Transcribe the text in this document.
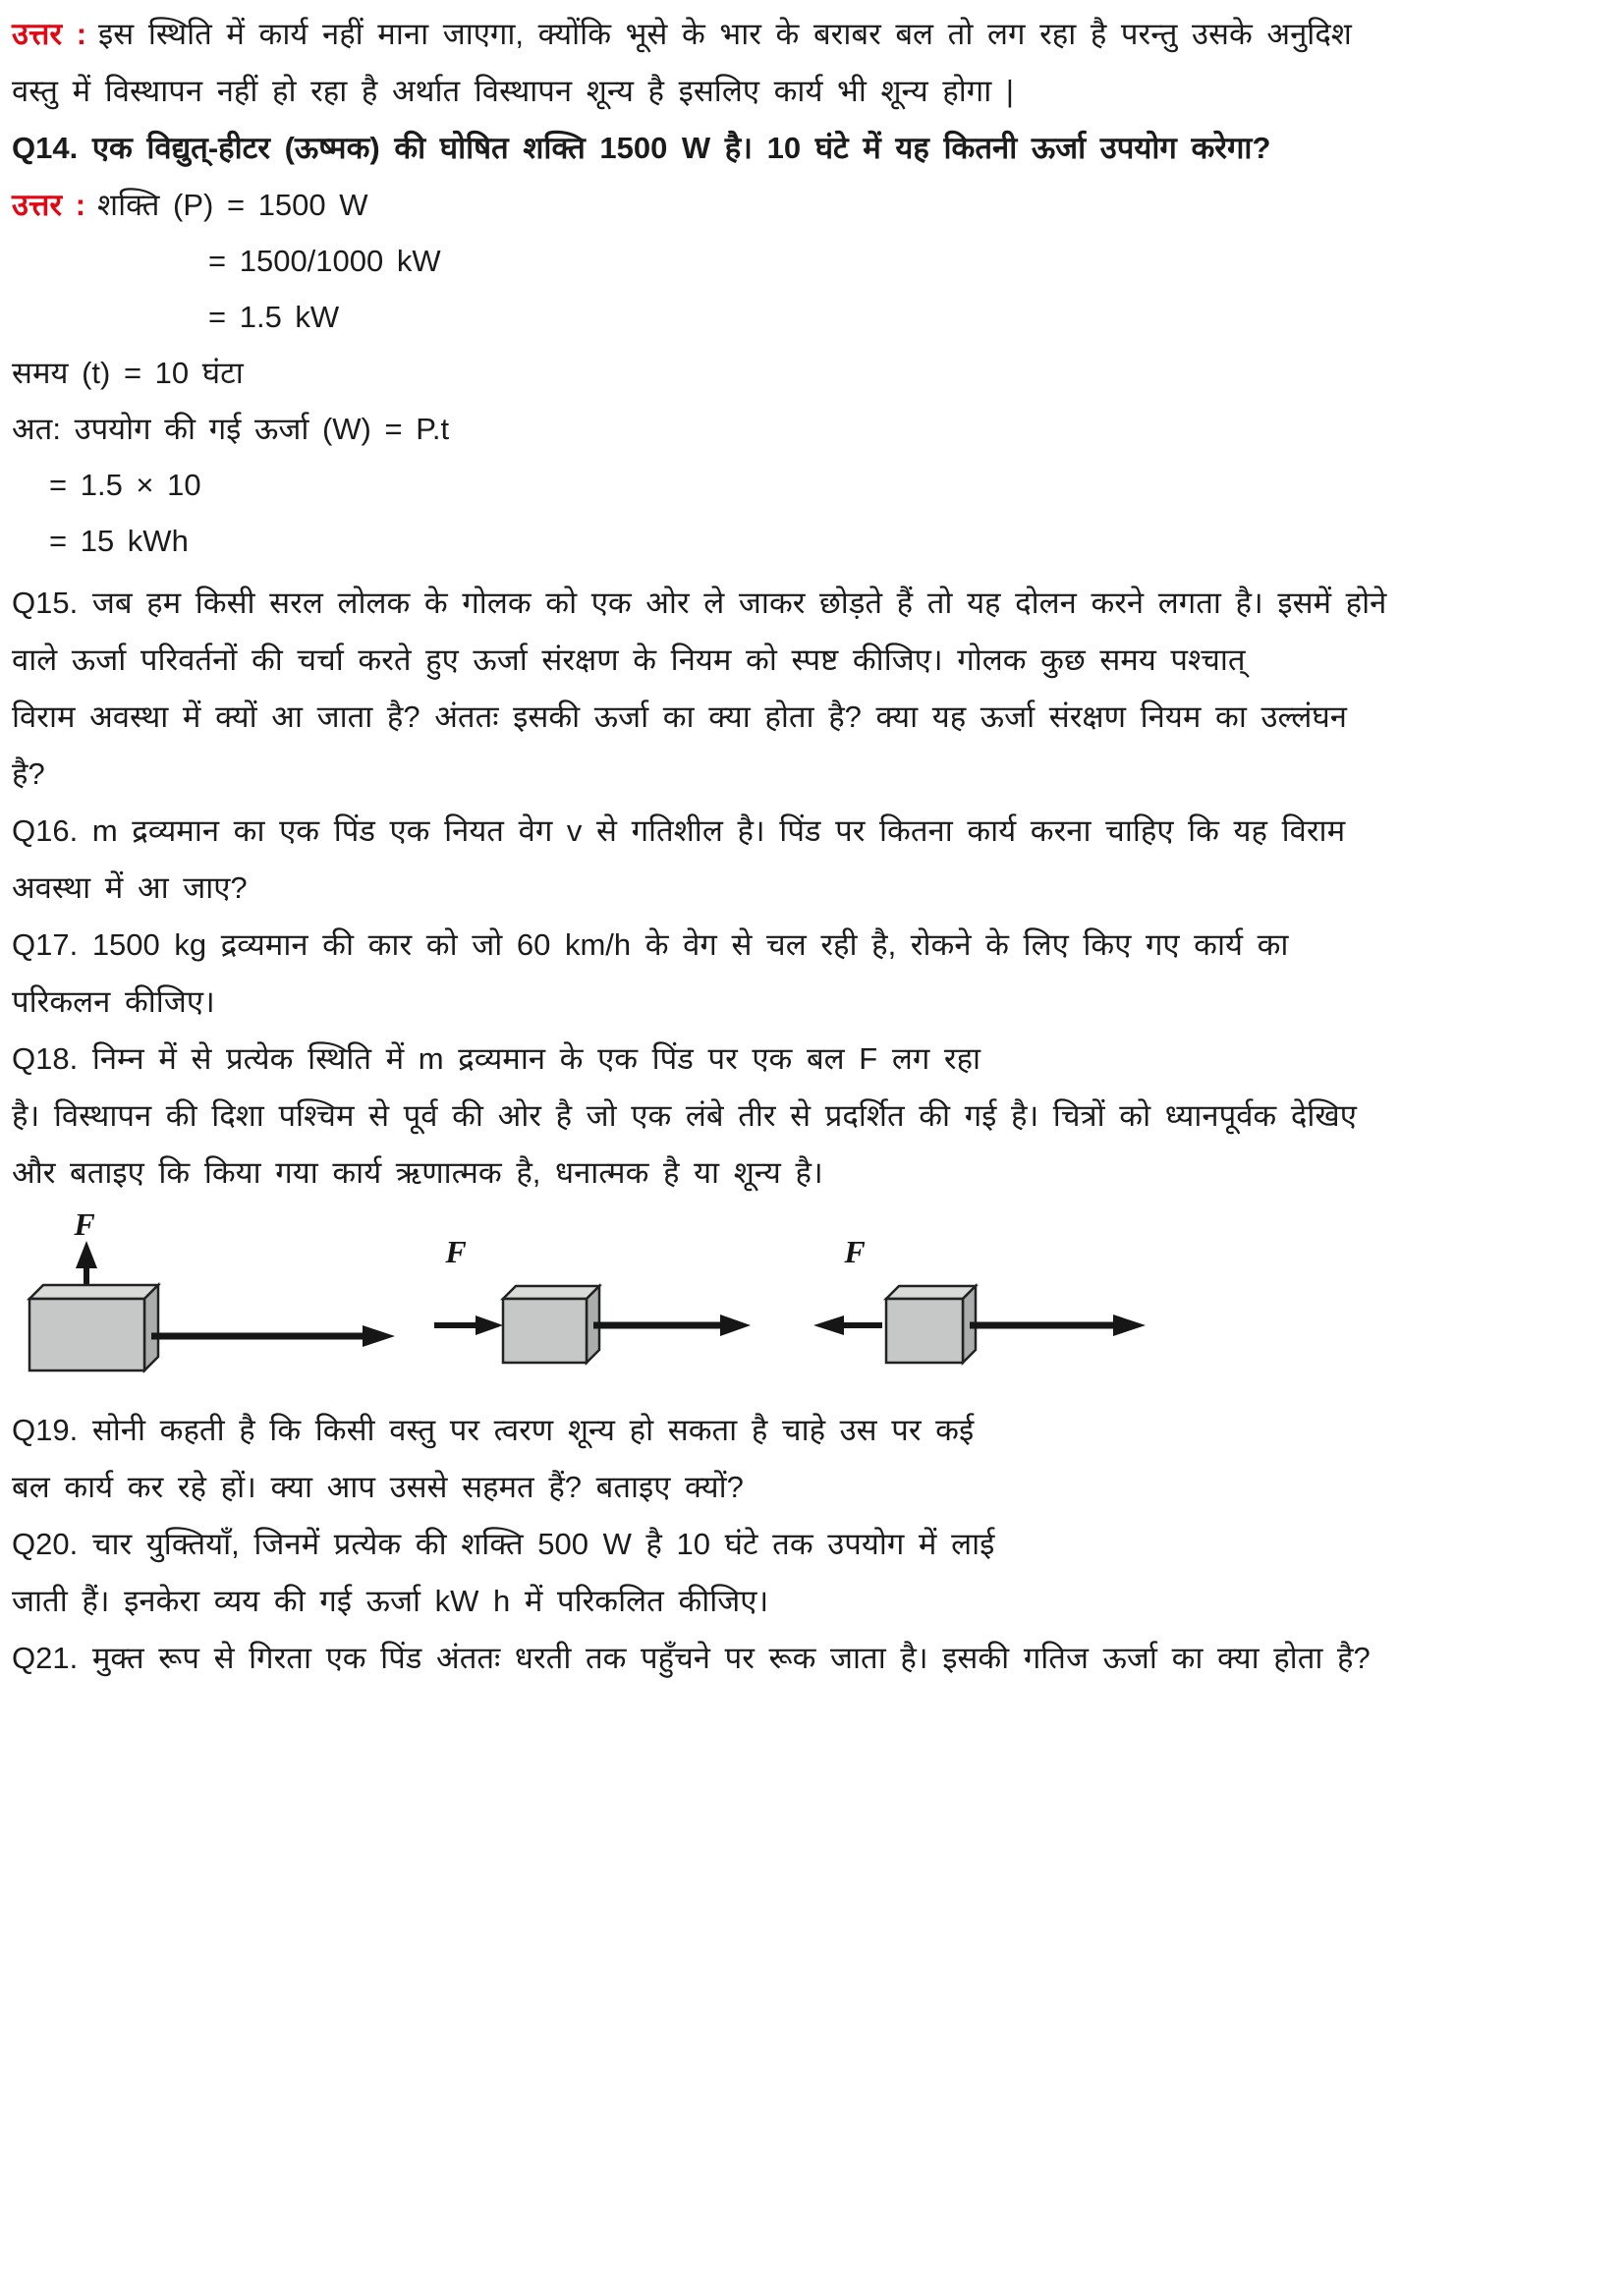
उत्तर : इस स्थिति में कार्य नहीं माना जाएगा, क्योंकि भूसे के भार के बराबर बल तो लग रहा है परन्तु उसके अनुदिश
वस्तु में विस्थापन नहीं हो रहा है अर्थात विस्थापन शून्य है इसलिए कार्य भी शून्य होगा |
Q14. एक विद्युत्-हीटर (ऊष्मक) की घोषित शक्ति 1500 W है। 10 घंटे में यह कितनी ऊर्जा उपयोग करेगा?
उत्तर : शक्ति (P) = 1500 W
= 1500/1000 kW
= 1.5 kW
समय (t) = 10 घंटा
अत: उपयोग की गई ऊर्जा (W) = P.t
= 1.5 × 10
= 15 kWh
Q15. जब हम किसी सरल लोलक के गोलक को एक ओर ले जाकर छोड़ते हैं तो यह दोलन करने लगता है। इसमें होने
वाले ऊर्जा परिवर्तनों की चर्चा करते हुए ऊर्जा संरक्षण के नियम को स्पष्ट कीजिए। गोलक कुछ समय पश्चात्
विराम अवस्था में क्यों आ जाता है? अंततः इसकी ऊर्जा का क्या होता है? क्या यह ऊर्जा संरक्षण नियम का उल्लंघन
है?
Q16. m द्रव्यमान का एक पिंड एक नियत वेग v से गतिशील है। पिंड पर कितना कार्य करना चाहिए कि यह विराम
अवस्था में आ जाए?
Q17. 1500 kg द्रव्यमान की कार को जो 60 km/h के वेग से चल रही है, रोकने के लिए किए गए कार्य का
परिकलन कीजिए।
Q18. निम्न में से प्रत्येक स्थिति में m द्रव्यमान के एक पिंड पर एक बल F लग रहा
है। विस्थापन की दिशा पश्चिम से पूर्व की ओर है जो एक लंबे तीर से प्रदर्शित की गई है। चित्रों को ध्यानपूर्वक देखिए
और बताइए कि किया गया कार्य ऋणात्मक है, धनात्मक है या शून्य है।
F
F	F
Q19. सोनी कहती है कि किसी वस्तु पर त्वरण शून्य हो सकता है चाहे उस पर कई
बल कार्य कर रहे हों। क्या आप उससे सहमत हैं? बताइए क्यों?
Q20. चार युक्तियाँ, जिनमें प्रत्येक की शक्ति 500 W है 10 घंटे तक उपयोग में लाई
जाती हैं। इनकेरा व्यय की गई ऊर्जा kW h में परिकलित कीजिए।
Q21. मुक्त रूप से गिरता एक पिंड अंततः धरती तक पहुँचने पर रूक जाता है। इसकी गतिज ऊर्जा का क्या होता है?
